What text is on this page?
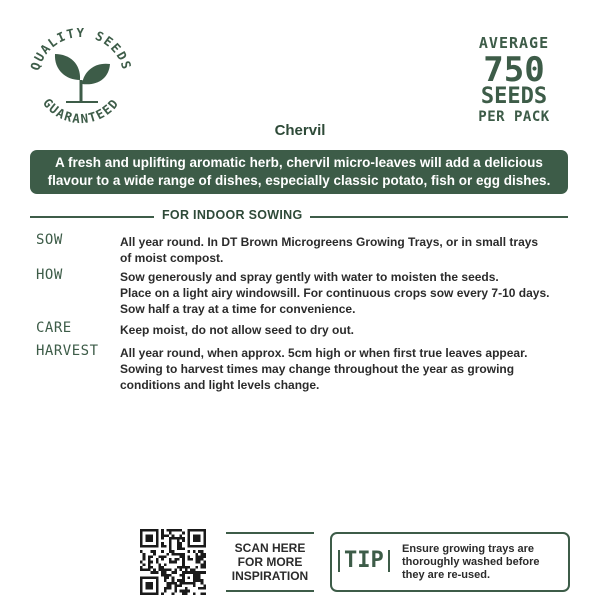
QUALITY SEEDS
GUARANTEED
Chervil
AVERAGE
750
SEEDS
PER PACK
A fresh and uplifting aromatic herb, chervil micro-leaves will add a delicious
flavour to a wide range of dishes, especially classic potato, fish or egg dishes.
FOR INDOOR SOWING
SOW	All year round. In DT Brown Microgreens Growing Trays, or in small trays
of moist compost.
HOW	Sow generously and spray gently with water to moisten the seeds.
Place on a light airy windowsill. For continuous crops sow every 7-10 days.
Sow half a tray at a time for convenience.
CARE	Keep moist, do not allow seed to dry out.
HARVEST All year round, when approx. 5cm high or when first true leaves appear.
Sowing to harvest times may change throughout the year as growing
conditions and light levels change.
SCAN HERE
FOR MORE
INSPIRATION
TIP	Ensure growing trays are
thoroughly washed before
they are re-used.
